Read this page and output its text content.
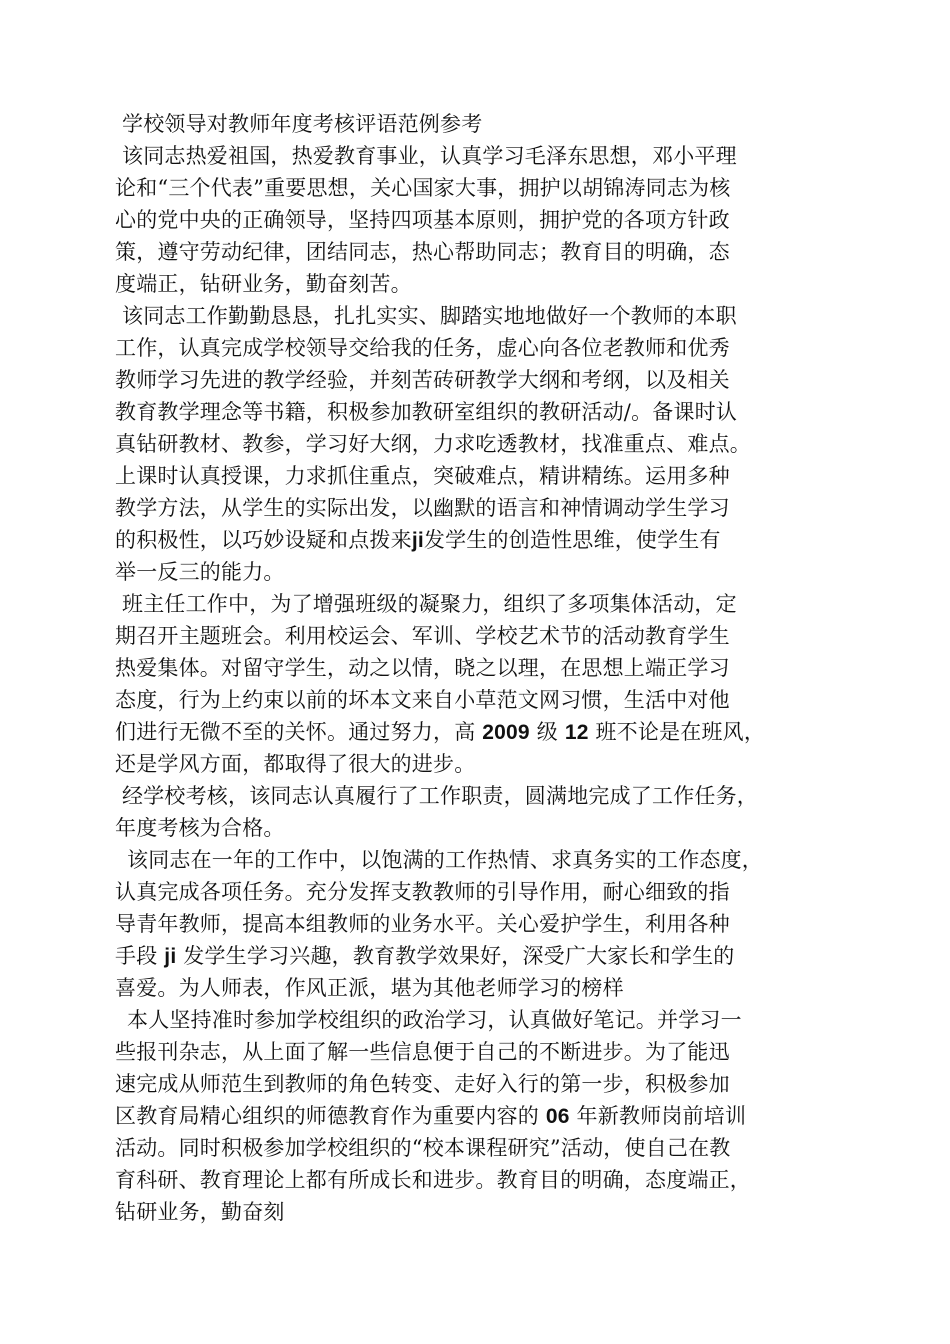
学校领导对教师年度考核评语范例参考
该同志热爱祖国，热爱教育事业，认真学习毛泽东思想，邓小平理
论和“三个代表”重要思想，关心国家大事，拥护以胡锦涛同志为核
心的党中央的正确领导，坚持四项基本原则，拥护党的各项方针政
策，遵守劳动纪律，团结同志，热心帮助同志；教育目的明确，态
度端正，钻研业务，勤奋刻苦。
该同志工作勤勤恳恳，扎扎实实、脚踏实地地做好一个教师的本职
工作，认真完成学校领导交给我的任务，虚心向各位老教师和优秀
教师学习先进的教学经验，并刻苦砖研教学大纲和考纲，以及相关
教育教学理念等书籍，积极参加教研室组织的教研活动/。备课时认
真钻研教材、教参，学习好大纲，力求吃透教材，找准重点、难点。
上课时认真授课，力求抓住重点，突破难点，精讲精练。运用多种
教学方法，从学生的实际出发，以幽默的语言和神情调动学生学习
的积极性，以巧妙设疑和点拨来ji发学生的创造性思维，使学生有
举一反三的能力。
班主任工作中，为了增强班级的凝聚力，组织了多项集体活动，定
期召开主题班会。利用校运会、军训、学校艺术节的活动教育学生
热爱集体。对留守学生，动之以情，晓之以理，在思想上端正学习
态度，行为上约束以前的坏本文来自小草范文网习惯，生活中对他
们进行无微不至的关怀。通过努力，高 2009 级 12 班不论是在班风，
还是学风方面，都取得了很大的进步。
经学校考核，该同志认真履行了工作职责，圆满地完成了工作任务，
年度考核为合格。
该同志在一年的工作中，以饱满的工作热情、求真务实的工作态度，
认真完成各项任务。充分发挥支教教师的引导作用，耐心细致的指
导青年教师，提高本组教师的业务水平。关心爱护学生，利用各种
手段 ji 发学生学习兴趣，教育教学效果好，深受广大家长和学生的
喜爱。为人师表，作风正派，堪为其他老师学习的榜样
本人坚持准时参加学校组织的政治学习，认真做好笔记。并学习一
些报刊杂志，从上面了解一些信息便于自己的不断进步。为了能迅
速完成从师范生到教师的角色转变、走好入行的第一步，积极参加
区教育局精心组织的师德教育作为重要内容的 06 年新教师岗前培训
活动。同时积极参加学校组织的“校本课程研究”活动，使自己在教
育科研、教育理论上都有所成长和进步。教育目的明确，态度端正，
钻研业务，勤奋刻
